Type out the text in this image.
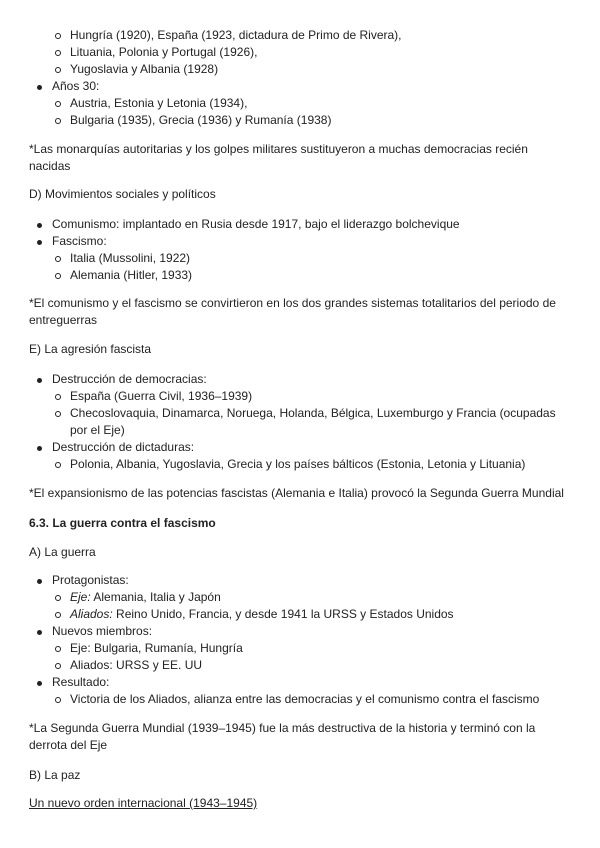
Hungría (1920), España (1923, dictadura de Primo de Rivera),
Lituania, Polonia y Portugal (1926),
Yugoslavia y Albania (1928)
Años 30:
Austria, Estonia y Letonia (1934),
Bulgaria (1935), Grecia (1936) y Rumanía (1938)

*Las monarquías autoritarias y los golpes militares sustituyeron a muchas democracias recién nacidas

D) Movimientos sociales y políticos

Comunismo: implantado en Rusia desde 1917, bajo el liderazgo bolchevique
Fascismo:
Italia (Mussolini, 1922)
Alemania (Hitler, 1933)

*El comunismo y el fascismo se convirtieron en los dos grandes sistemas totalitarios del periodo de entreguerras

E) La agresión fascista

Destrucción de democracias:
España (Guerra Civil, 1936–1939)
Checoslovaquia, Dinamarca, Noruega, Holanda, Bélgica, Luxemburgo y Francia (ocupadas por el Eje)
Destrucción de dictaduras:
Polonia, Albania, Yugoslavia, Grecia y los países bálticos (Estonia, Letonia y Lituania)

*El expansionismo de las potencias fascistas (Alemania e Italia) provocó la Segunda Guerra Mundial

6.3. La guerra contra el fascismo

A) La guerra

Protagonistas:
Eje: Alemania, Italia y Japón
Aliados: Reino Unido, Francia, y desde 1941 la URSS y Estados Unidos
Nuevos miembros:
Eje: Bulgaria, Rumanía, Hungría
Aliados: URSS y EE. UU
Resultado:
Victoria de los Aliados, alianza entre las democracias y el comunismo contra el fascismo

*La Segunda Guerra Mundial (1939–1945) fue la más destructiva de la historia y terminó con la derrota del Eje

B) La paz

Un nuevo orden internacional (1943–1945)
